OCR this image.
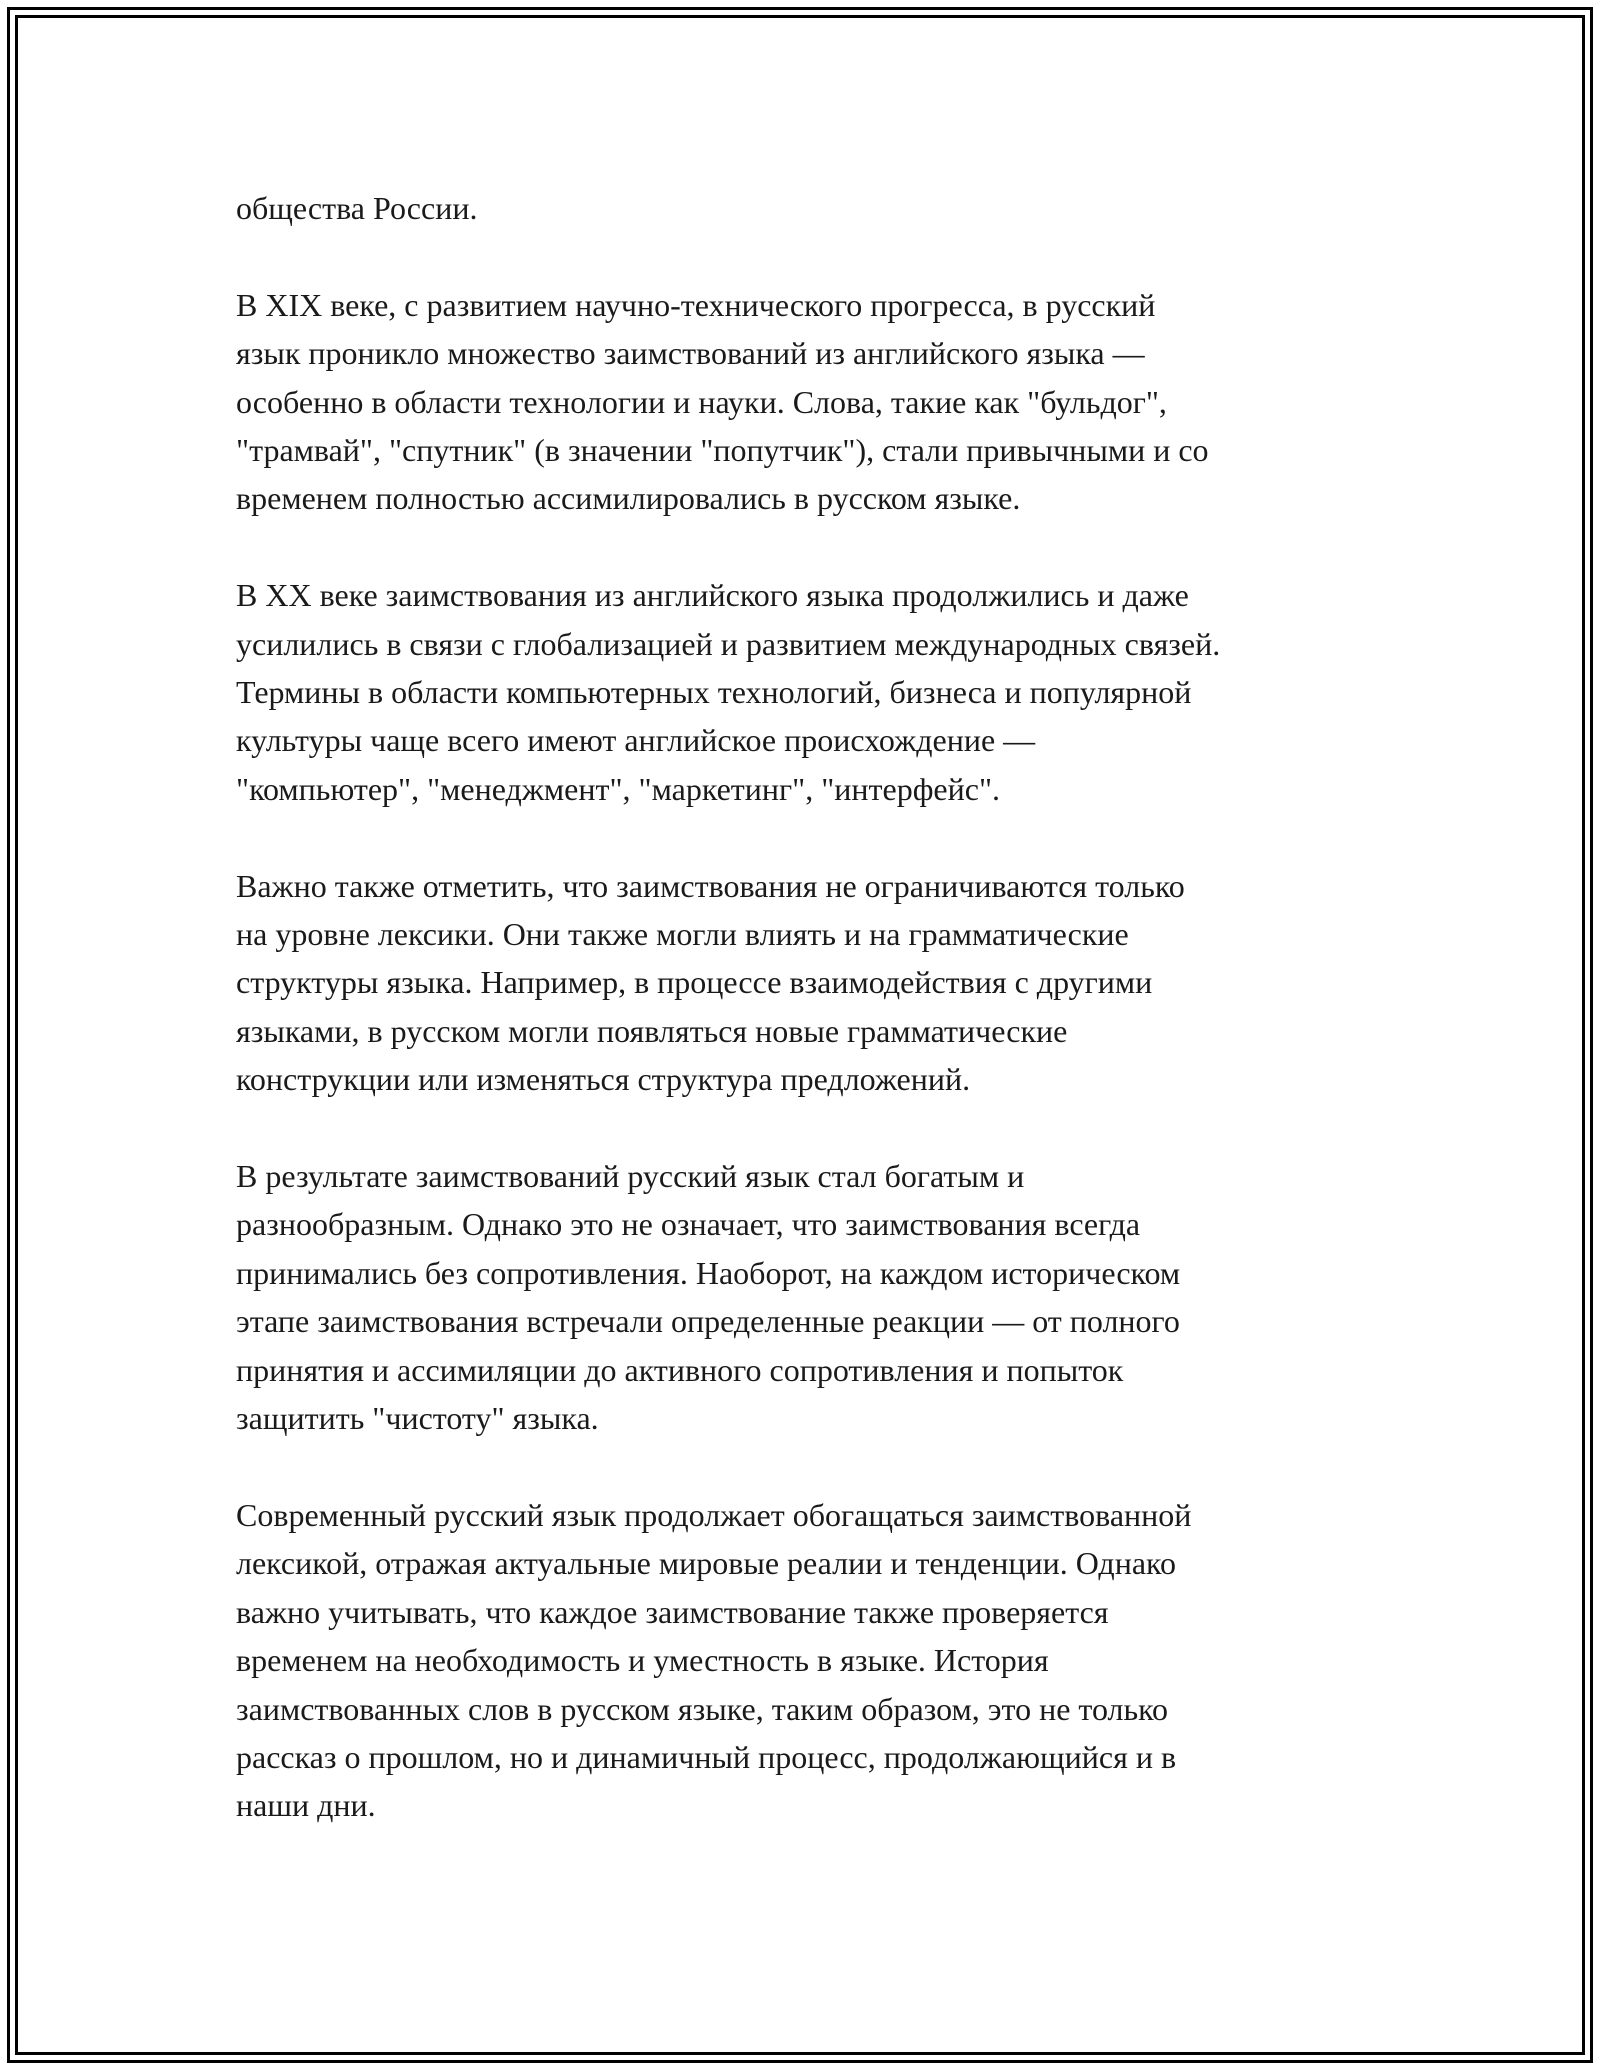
общества России.

В XIX веке, с развитием научно-технического прогресса, в русский
язык проникло множество заимствований из английского языка —
особенно в области технологии и науки. Слова, такие как "бульдог",
"трамвай", "спутник" (в значении "попутчик"), стали привычными и со
временем полностью ассимилировались в русском языке.

В XX веке заимствования из английского языка продолжились и даже
усилились в связи с глобализацией и развитием международных связей.
Термины в области компьютерных технологий, бизнеса и популярной
культуры чаще всего имеют английское происхождение —
"компьютер", "менеджмент", "маркетинг", "интерфейс".

Важно также отметить, что заимствования не ограничиваются только
на уровне лексики. Они также могли влиять и на грамматические
структуры языка. Например, в процессе взаимодействия с другими
языками, в русском могли появляться новые грамматические
конструкции или изменяться структура предложений.

В результате заимствований русский язык стал богатым и
разнообразным. Однако это не означает, что заимствования всегда
принимались без сопротивления. Наоборот, на каждом историческом
этапе заимствования встречали определенные реакции — от полного
принятия и ассимиляции до активного сопротивления и попыток
защитить "чистоту" языка.

Современный русский язык продолжает обогащаться заимствованной
лексикой, отражая актуальные мировые реалии и тенденции. Однако
важно учитывать, что каждое заимствование также проверяется
временем на необходимость и уместность в языке. История
заимствованных слов в русском языке, таким образом, это не только
рассказ о прошлом, но и динамичный процесс, продолжающийся и в
наши дни.
